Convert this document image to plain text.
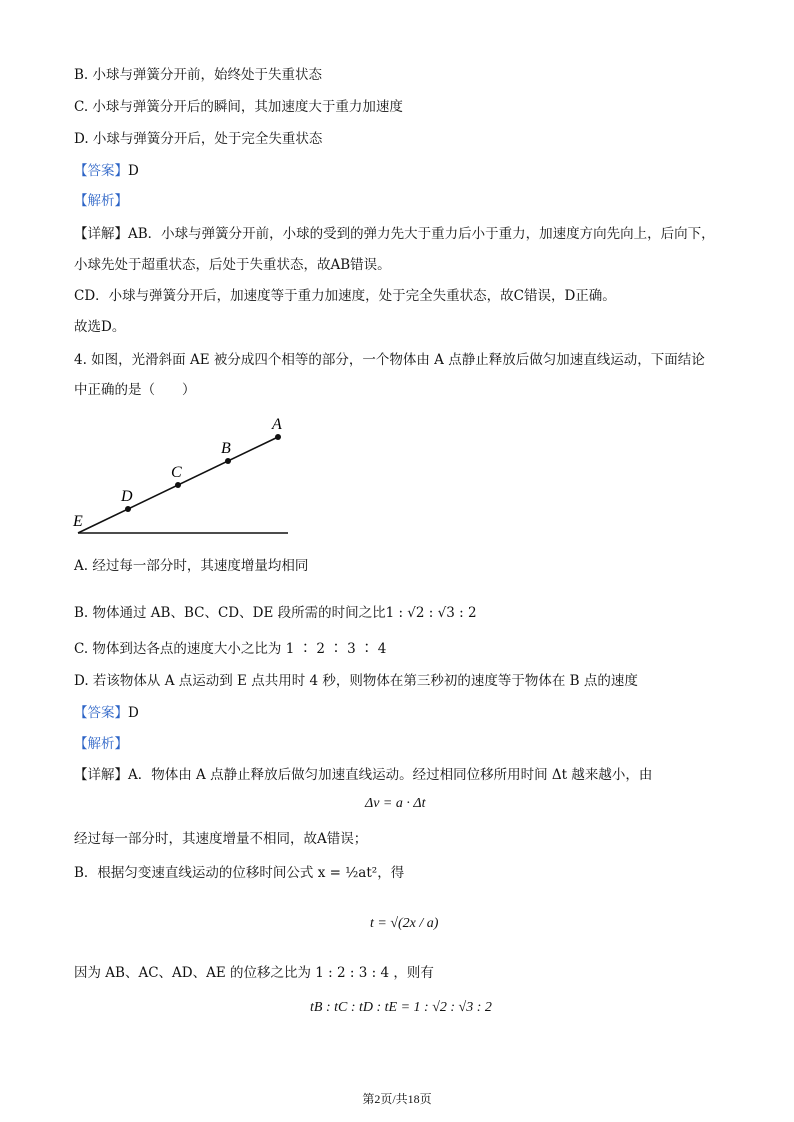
B. 小球与弹簧分开前，始终处于失重状态
C. 小球与弹簧分开后的瞬间，其加速度大于重力加速度
D. 小球与弹簧分开后，处于完全失重状态
【答案】D
【解析】
【详解】AB．小球与弹簧分开前，小球的受到的弹力先大于重力后小于重力，加速度方向先向上，后向下，
小球先处于超重状态，后处于失重状态，故AB错误。
CD．小球与弹簧分开后，加速度等于重力加速度，处于完全失重状态，故C错误，D正确。
故选D。
4. 如图，光滑斜面 AE 被分成四个相等的部分，一个物体由 A 点静止释放后做匀加速直线运动，下面结论
中正确的是（　　）
A
B
C
D
E
A. 经过每一部分时，其速度增量均相同
B. 物体通过 AB、BC、CD、DE 段所需的时间之比1 : √2 : √3 : 2
C. 物体到达各点的速度大小之比为 1 ∶ 2 ∶ 3 ∶ 4
D. 若该物体从 A 点运动到 E 点共用时 4 秒，则物体在第三秒初的速度等于物体在 B 点的速度
【答案】D
【解析】
【详解】A．物体由 A 点静止释放后做匀加速直线运动。经过相同位移所用时间 Δt 越来越小，由
Δv = a · Δt
经过每一部分时，其速度增量不相同，故A错误；
B．根据匀变速直线运动的位移时间公式 x = ½at²，得
t = √(2x / a)
因为 AB、AC、AD、AE 的位移之比为 1 : 2 : 3 : 4 ，则有
tB : tC : tD : tE = 1 : √2 : √3 : 2
第2页/共18页
